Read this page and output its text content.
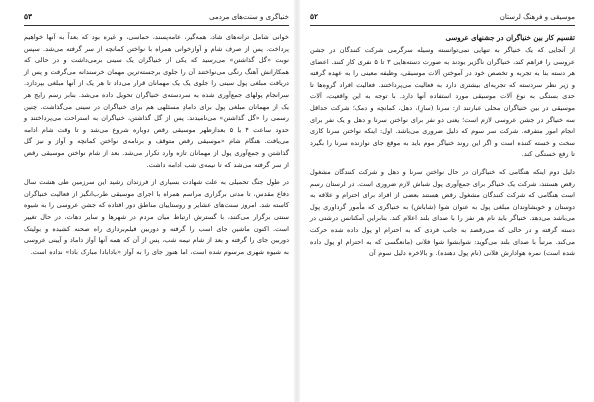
خنیاگری و سنت‌های مردمی
۵۳

خوانی شامل ترانه‌های شاد، همه‌گیر، عامه‌پسند، حماسی، و غیره بود که بعداً به آنها خواهیم پرداخت. پس از صرف شام و آوازخوانی همراه با نواختن کمانچه از سر گرفته می‌شد. سپس نوبت «گل گذاشتن» می‌رسید که یکی از خنیاگران یک سینی برمی‌داشت و در حالی که همکارانش آهنگ رنگی می‌نواختند آن را جلوی برجسته‌ترین مهمان خرسندانه می‌گرفت و پس از دریافت مبلغی پول سینی را جلوی یک یک مهمانان قرار می‌داد تا هر یک از آنها مبلغی بپردازد. سرانجام پولهای جمع‌آوری شده به سردسته‌ی خنیاگران تحویل داده می‌شد. بنابر رسم رایج هر یک از مهمانان مبلغی پول برای دامادِ مسئلهی هم برای خنیاگران در سینی می‌گذاشت. چنین رسمی را «گل گذاشتن» می‌نامیدند. پس از گل گذاشتن، خنیاگران به استراحت می‌پرداختند و حدود ساعت ۴ یا ۵ بعدازظهر موسیقی رقص دوباره شروع می‌شد و تا وقت شام ادامه می‌یافت. هنگام شام «موسیقی رقص متوقف و برنامه‌ی نواختن کمانچه و آواز و نیز گل گذاشتن و جمع‌آوری پول از مهمانان تازه وارد تکرار می‌شد. بعد از شام نواختن موسیقی رقص از سر گرفته می‌شد که تا نیمه‌ی شب ادامه داشت.

در طول جنگ تحمیلی به علت شهادت بسیاری از فرزندان رشید این سرزمین طی هشت سال دفاع مقدس، تا مدتی برگزاری مراسم همراه با اجرای موسیقی طرب‌انگیز از فعالیت خنیاگران کاسته شد. امروز سنت‌های عشایر و روستاییان مناطق دور افتاده که جشن عروسی را به شیوه سنتی برگزار می‌کنند، با گسترش ارتباط میان مردم در شهرها و سایر دهات، در حال تغییر است. اکنون ماشین جای اسب را گرفته و دوربین فیلم‌برداری راه صحنه کشیده و بولیتک دوربین جای را گرفته و بعد از شام نیمه شب، پس از آن که همه آنها آواز داماد و آیینی عروسی به شیوه شهری مرسوم شده است، اما هنوز جای را به آواز «بادابادا مبارک بادا» نداده است.

موسیقی و فرهنگ لرستان
۵۲
تقسیم کار بین خنیاگران در جشنهای عروسی

از آنجایی که یک خنیاگر به تنهایی نمی‌توانسته وسیله سرگرمی شرکت کنندگان در جشن عروسی را فراهم کند، خنیاگران ناگزیر بودند به صورت دسته‌هایی ۳ تا ۵ نفری کار کنند. اعضای هر دسته بنا به تجربه و تخصص خود در آموختن آلات موسیقی، وظیفه معینی را به عهده گرفته و زیر نظر سردسته که تجربه‌ای بیشتری دارد به فعالیت می‌پرداختند. فعالیت افراد گروه‌ها تا حدی بستگی به نوع آلات موسیقی مورد استفاده آنها دارد. با توجه به این واقعیت، آلات موسیقی در بین خنیاگران محلی عبارتند از: سرنا (سازِ)، دهل، کمانچه و دمک؛ شرکت حداقل سه خنیاگر در جشن عروسی لازم است؛ یعنی دو نفر برای نواختن سرنا و دهل و یک نفر برای انجام امور متفرقه. شرکت سر سوم که دلیل ضروری می‌باشد. اول: اینکه نواختن سرنا کاری سخت و خسته کننده است و اگر این روند خنیاگر موم باید به موقع جای نوازنده سرنا را بگیرد تا رفع خستگی کند.

دلیل دوم اینکه هنگامی که خنیاگران در حال نواختن سرنا و دهل و شرکت کنندگان مشغول رقص هستند، شرکت یک خنیاگر برای جمع‌آوری پول شباش لازم ضروری است. در لرستان رسم است هنگامی که شرکت کنندگان مشغول رقص هستند بعضی از افراد برای احترام و علاقه به دوستان و خویشاوندان مبلغی پول به عنوان شوا (شاباش) به خنیاگری که مأمور گرداوری پول می‌باشد می‌دهد. خنیاگر باید نام هر نفر را با صدای بلند اعلام کند. بنابراین آمکنانس درشتی در دسته گرفته و در حالی که می‌رقصد به جانب فردی که به احترام او پول داده شده حرکت می‌کند. مرتباً با صدای بلند می‌گوید: شوابشوا شوا فلانی (مانعگسی که به احترام او پول داده شده است) نمره هوادارش فلانی (نام پول دهنده). و بالاخره دلیل سوم آن
